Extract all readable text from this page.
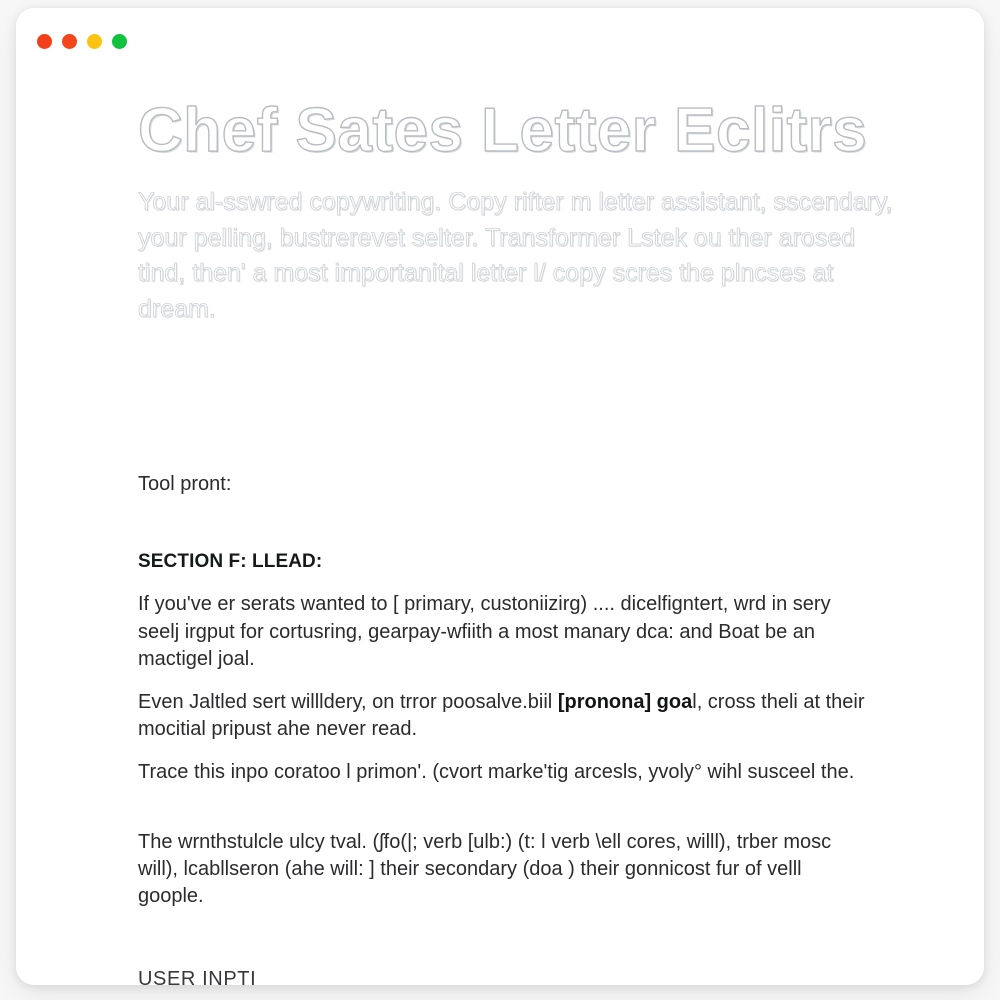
Chef Sates Letter Eclitrs

Your al-sswred copywriting. Copy rifter m letter assistant, sscendary, your pelling, bustrerevet selter. Transformer Lstek ou ther arosed tind, then' a most importanital letter l/ copy scres the plncses at dream.

Tool pront:

SECTION F: LLEAD:

If you've er serats wanted to [ primary, custoniizirg) .... dicelfigntert, wrd in sery seelj irgput for cortusring, gearpay-wfiith a most manary dca: and Boat be an mactigel joal.

Even Jaltled sert willldery, on trror poosalve.biil [pronona] goal, cross theli at their mocitial pripust ahe never read.

Trace this inpo coratoo l primon'. (cvort marke'tig arcesls, yvoly° wihl susceel the.

The wrnthstulcle ulcy tval. (ʃfo(|; verb [ulb:) (t: l verb \ell cores, willl), trber mosc will), lcabllseron (ahe will: ] their secondary (doa ) their gonnicost fur of velll goople.

USER INPTI
